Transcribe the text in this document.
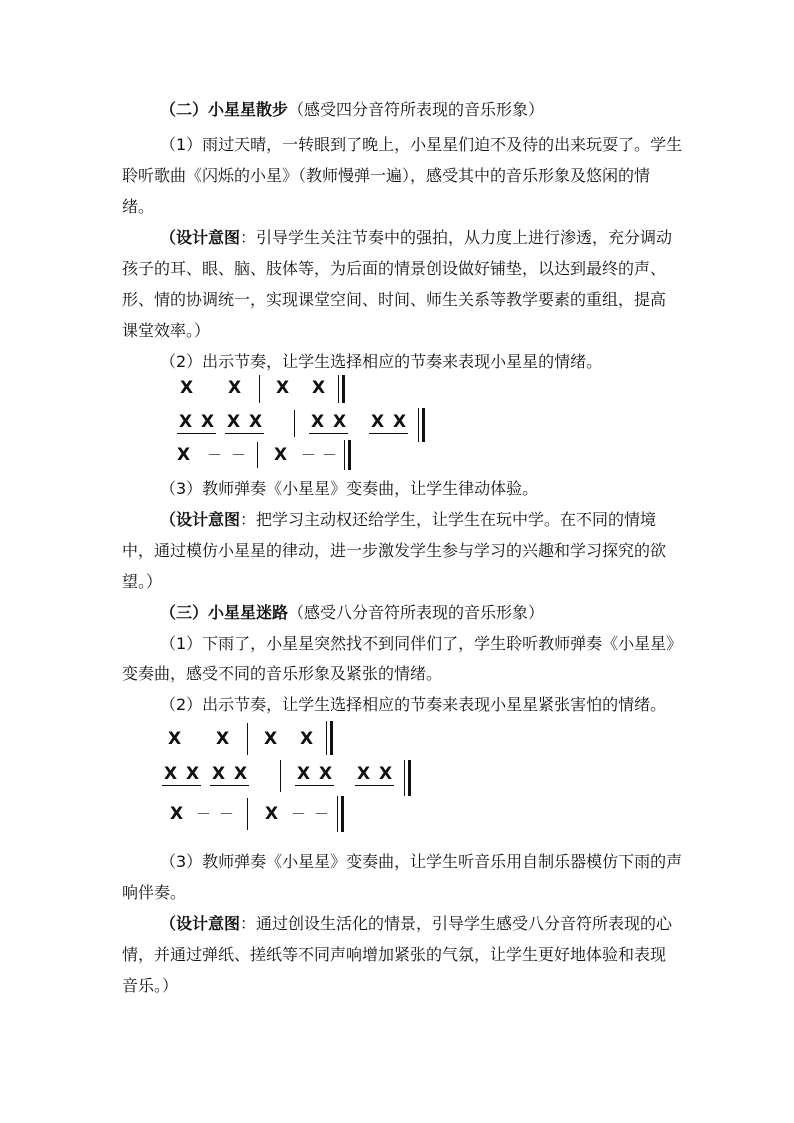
（二）小星星散步（感受四分音符所表现的音乐形象）
（1）雨过天晴，一转眼到了晚上，小星星们迫不及待的出来玩耍了。学生
聆听歌曲《闪烁的小星》（教师慢弹一遍），感受其中的音乐形象及悠闲的情
绪。
（设计意图：引导学生关注节奏中的强拍，从力度上进行渗透，充分调动
孩子的耳、眼、脑、肢体等，为后面的情景创设做好铺垫，以达到最终的声、
形、情的协调统一，实现课堂空间、时间、师生关系等教学要素的重组，提高
课堂效率。）
（2）出示节奏，让学生选择相应的节奏来表现小星星的情绪。
X X X X
X X X X	X X X X
X － － X － －
（3）教师弹奏《小星星》变奏曲，让学生律动体验。
（设计意图：把学习主动权还给学生，让学生在玩中学。在不同的情境
中，通过模仿小星星的律动，进一步激发学生参与学习的兴趣和学习探究的欲
望。）
（三）小星星迷路（感受八分音符所表现的音乐形象）
（1）下雨了，小星星突然找不到同伴们了，学生聆听教师弹奏《小星星》
变奏曲，感受不同的音乐形象及紧张的情绪。
（2）出示节奏，让学生选择相应的节奏来表现小星星紧张害怕的情绪。
X X X X
X X X X	X X X X
X － － X － －
（3）教师弹奏《小星星》变奏曲，让学生听音乐用自制乐器模仿下雨的声
响伴奏。
（设计意图：通过创设生活化的情景，引导学生感受八分音符所表现的心
情，并通过弹纸、搓纸等不同声响增加紧张的气氛，让学生更好地体验和表现
音乐。）
